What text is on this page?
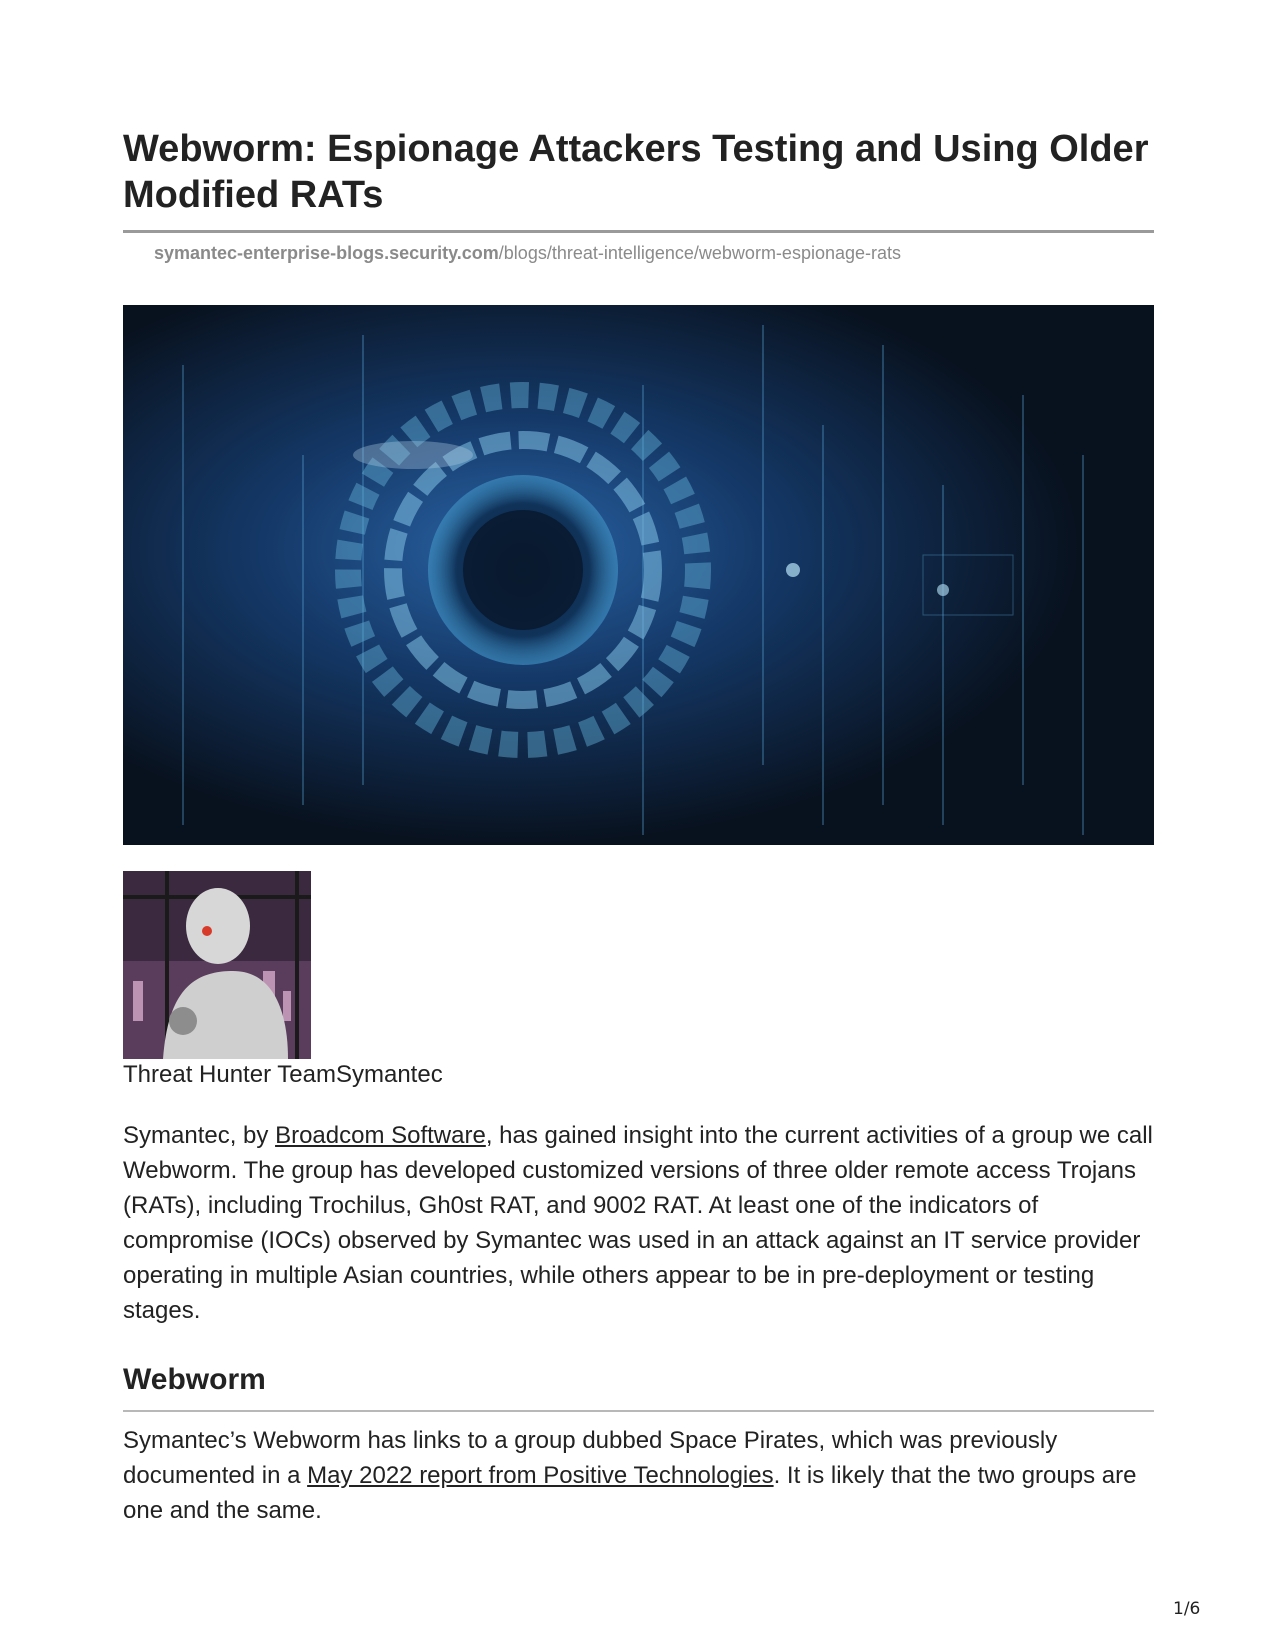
Webworm: Espionage Attackers Testing and Using Older Modified RATs
symantec-enterprise-blogs.security.com/blogs/threat-intelligence/webworm-espionage-rats
Threat Hunter TeamSymantec

Symantec, by Broadcom Software, has gained insight into the current activities of a group we call Webworm. The group has developed customized versions of three older remote access Trojans (RATs), including Trochilus, Gh0st RAT, and 9002 RAT. At least one of the indicators of compromise (IOCs) observed by Symantec was used in an attack against an IT service provider operating in multiple Asian countries, while others appear to be in pre-deployment or testing stages.

Webworm

Symantec’s Webworm has links to a group dubbed Space Pirates, which was previously documented in a May 2022 report from Positive Technologies. It is likely that the two groups are one and the same.

1/6
